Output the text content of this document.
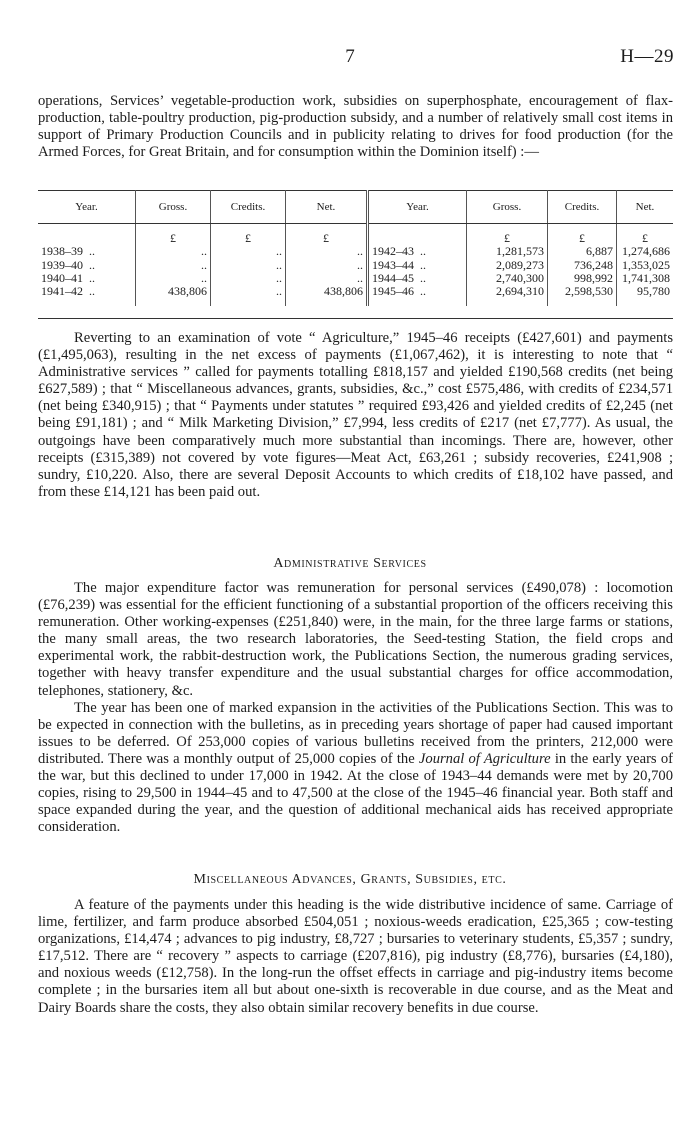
7	H—29

operations, Services’ vegetable-production work, subsidies on superphosphate, encouragement of flax-production, table-poultry production, pig-production subsidy, and a number of relatively small cost items in support of Primary Production Councils and in publicity relating to drives for food production (for the Armed Forces, for Great Britain, and for consumption within the Dominion itself) :—

Year.	Gross.	Credits.	Net.	Year.	Gross.	Credits.	Net.
	£	£	£		£	£	£
1938–39 ..	..	..	..	1942–43 ..	1,281,573	6,887	1,274,686
1939–40 ..	..	..	..	1943–44 ..	2,089,273	736,248	1,353,025
1940–41 ..	..	..	..	1944–45 ..	2,740,300	998,992	1,741,308
1941–42 ..	438,806	..	438,806	1945–46 ..	2,694,310	2,598,530	95,780

Reverting to an examination of vote “ Agriculture,” 1945–46 receipts (£427,601) and payments (£1,495,063), resulting in the net excess of payments (£1,067,462), it is interesting to note that “ Administrative services ” called for payments totalling £818,157 and yielded £190,568 credits (net being £627,589) ; that “ Miscellaneous advances, grants, subsidies, &c.,” cost £575,486, with credits of £234,571 (net being £340,915) ; that “ Payments under statutes ” required £93,426 and yielded credits of £2,245 (net being £91,181) ; and “ Milk Marketing Division,” £7,994, less credits of £217 (net £7,777). As usual, the outgoings have been comparatively much more substantial than incomings. There are, however, other receipts (£315,389) not covered by vote figures—Meat Act, £63,261 ; subsidy recoveries, £241,908 ; sundry, £10,220. Also, there are several Deposit Accounts to which credits of £18,102 have passed, and from these £14,121 has been paid out.

Administrative Services

The major expenditure factor was remuneration for personal services (£490,078) : locomotion (£76,239) was essential for the efficient functioning of a substantial proportion of the officers receiving this remuneration. Other working-expenses (£251,840) were, in the main, for the three large farms or stations, the many small areas, the two research laboratories, the Seed-testing Station, the field crops and experimental work, the rabbit-destruction work, the Publications Section, the numerous grading services, together with heavy transfer expenditure and the usual substantial charges for office accommodation, telephones, stationery, &c.

The year has been one of marked expansion in the activities of the Publications Section. This was to be expected in connection with the bulletins, as in preceding years shortage of paper had caused important issues to be deferred. Of 253,000 copies of various bulletins received from the printers, 212,000 were distributed. There was a monthly output of 25,000 copies of the Journal of Agriculture in the early years of the war, but this declined to under 17,000 in 1942. At the close of 1943–44 demands were met by 20,700 copies, rising to 29,500 in 1944–45 and to 47,500 at the close of the 1945–46 financial year. Both staff and space expanded during the year, and the question of additional mechanical aids has received appropriate consideration.

Miscellaneous Advances, Grants, Subsidies, etc.

A feature of the payments under this heading is the wide distributive incidence of same. Carriage of lime, fertilizer, and farm produce absorbed £504,051 ; noxious-weeds eradication, £25,365 ; cow-testing organizations, £14,474 ; advances to pig industry, £8,727 ; bursaries to veterinary students, £5,357 ; sundry, £17,512. There are “ recovery ” aspects to carriage (£207,816), pig industry (£8,776), bursaries (£4,180), and noxious weeds (£12,758). In the long-run the offset effects in carriage and pig-industry items become complete ; in the bursaries item all but about one-sixth is recoverable in due course, and as the Meat and Dairy Boards share the costs, they also obtain similar recovery benefits in due course.
